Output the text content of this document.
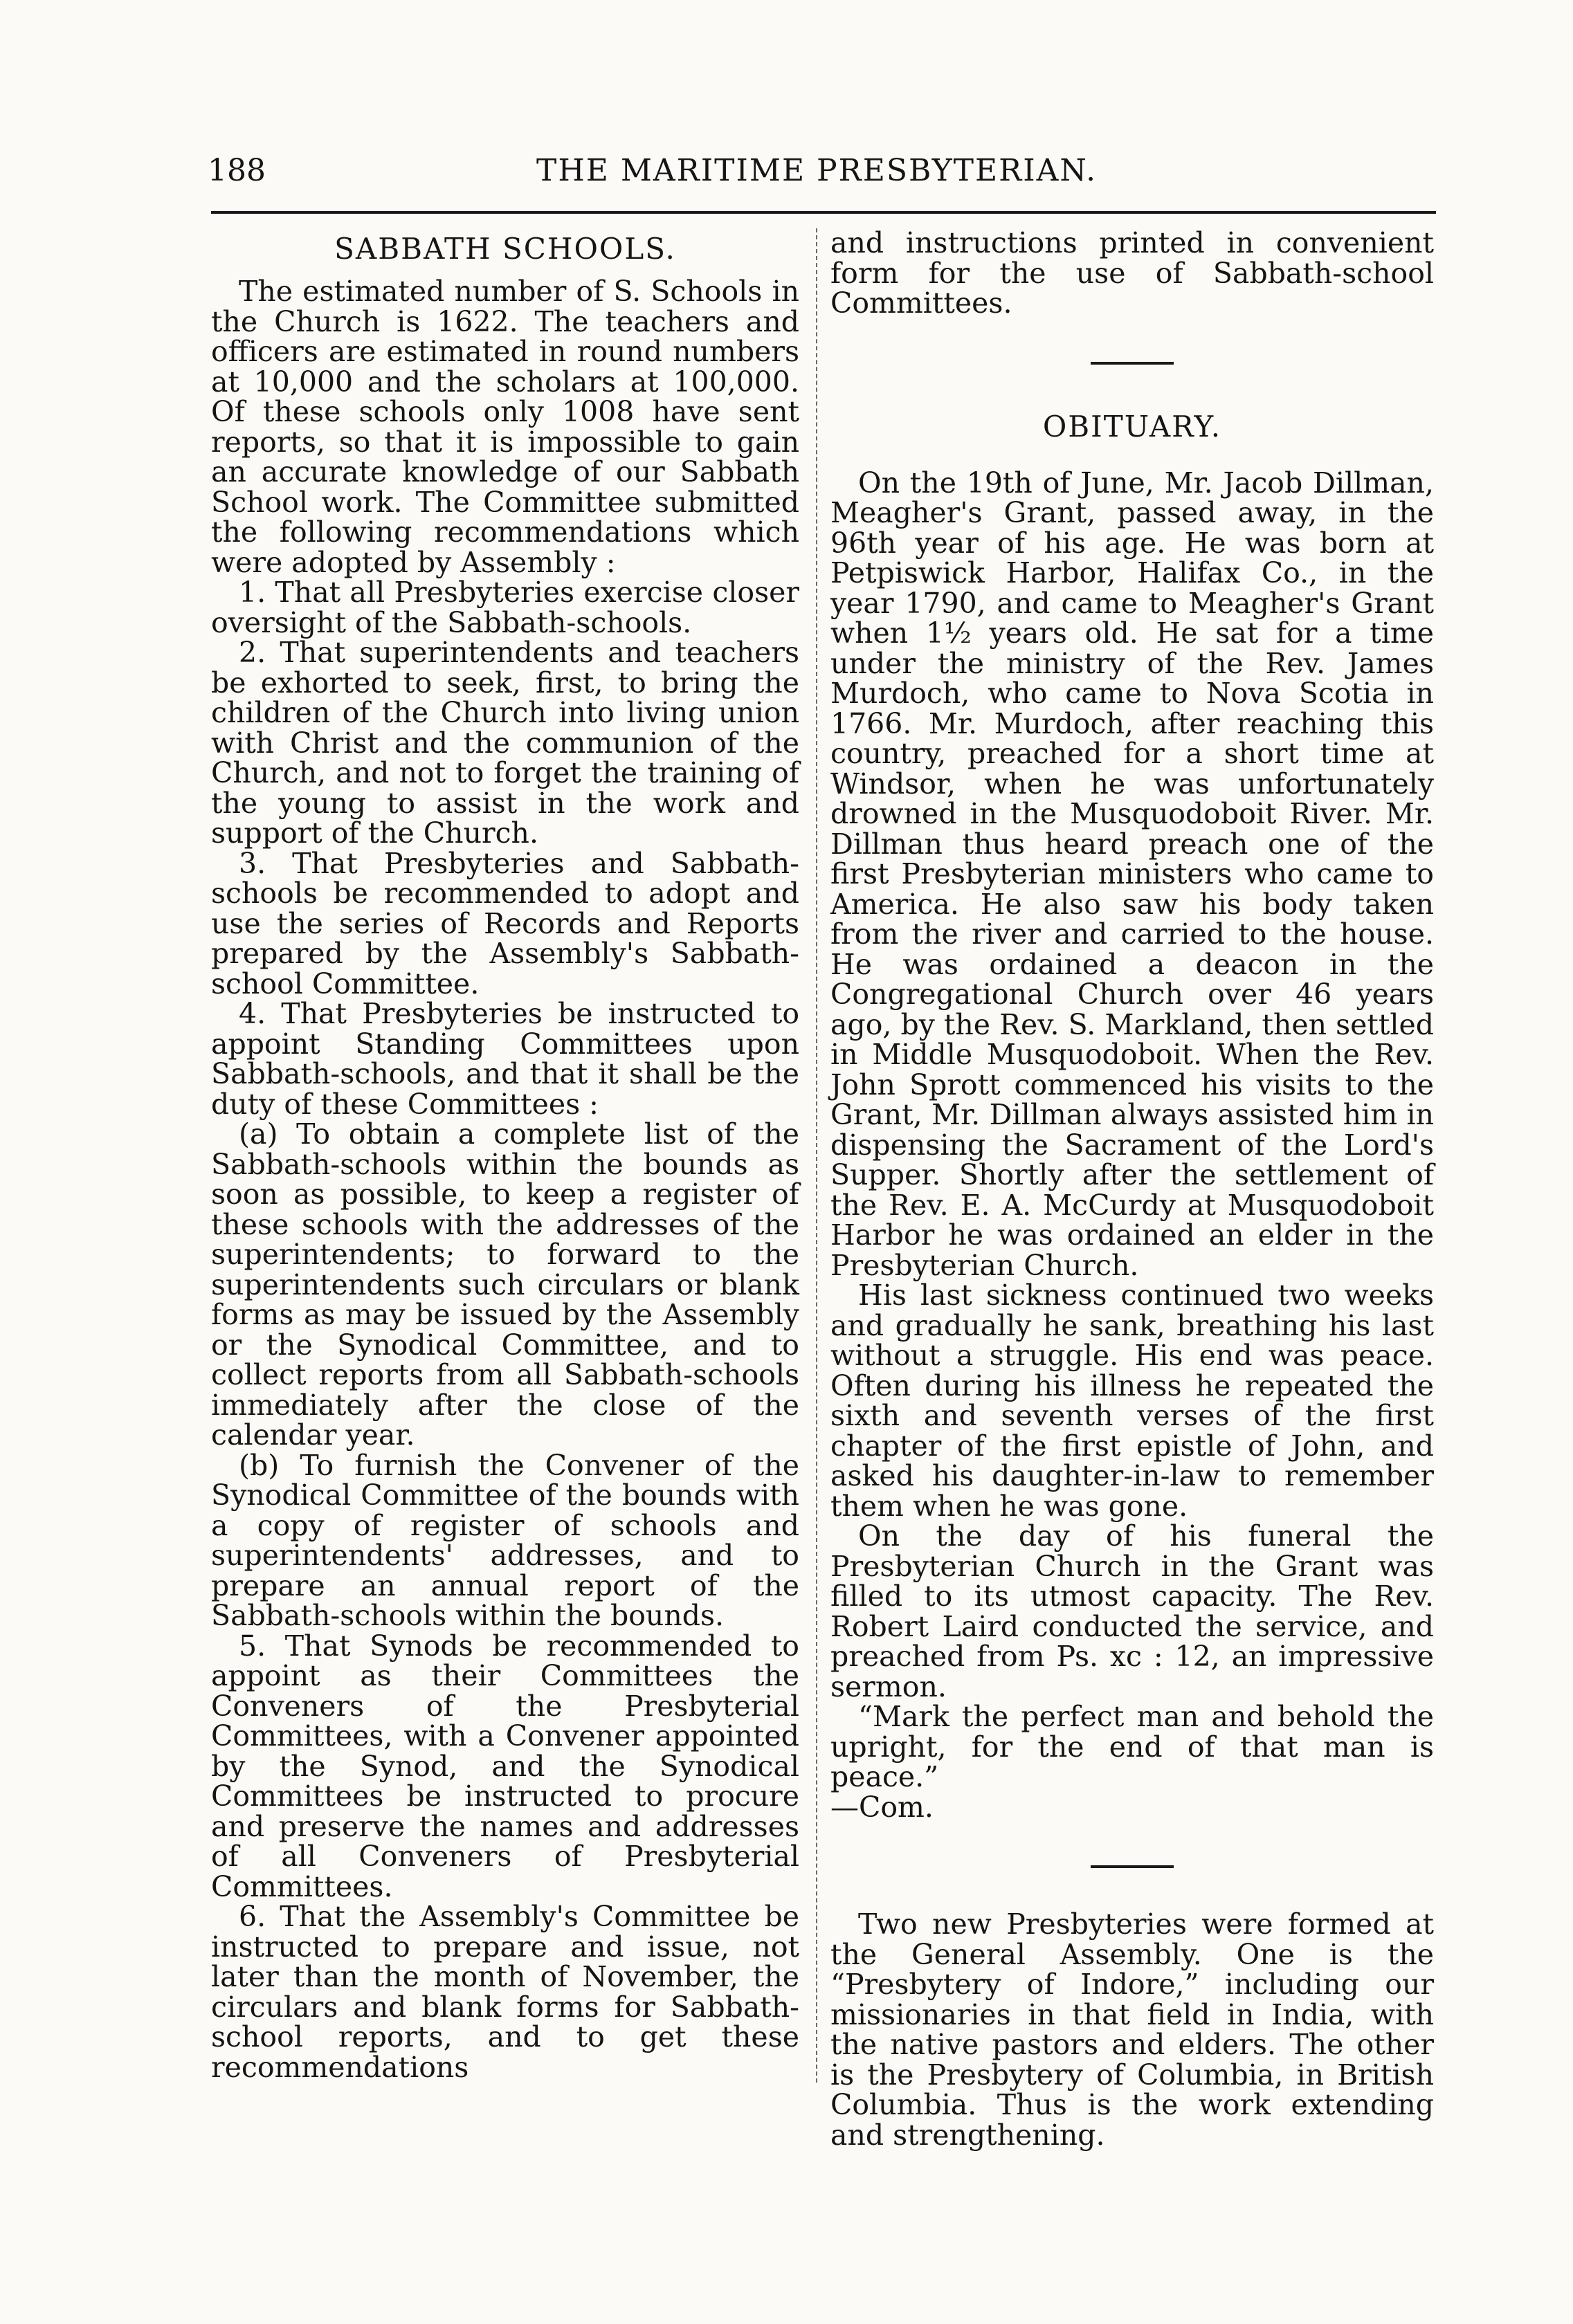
188	THE MARITIME PRESBYTERIAN.
SABBATH SCHOOLS.

The estimated number of S. Schools in the Church is 1622. The teachers and officers are estimated in round numbers at 10,000 and the scholars at 100,000. Of these schools only 1008 have sent reports, so that it is impossible to gain an accurate knowledge of our Sabbath School work. The Committee submitted the following recommendations which were adopted by Assembly :

1. That all Presbyteries exercise closer oversight of the Sabbath-schools.

2. That superintendents and teachers be exhorted to seek, first, to bring the children of the Church into living union with Christ and the communion of the Church, and not to forget the training of the young to assist in the work and support of the Church.

3. That Presbyteries and Sabbath-schools be recommended to adopt and use the series of Records and Reports prepared by the Assembly's Sabbath-school Committee.

4. That Presbyteries be instructed to appoint Standing Committees upon Sabbath-schools, and that it shall be the duty of these Committees :

(a) To obtain a complete list of the Sabbath-schools within the bounds as soon as possible, to keep a register of these schools with the addresses of the superintendents; to forward to the superintendents such circulars or blank forms as may be issued by the Assembly or the Synodical Committee, and to collect reports from all Sabbath-schools immediately after the close of the calendar year.

(b) To furnish the Convener of the Synodical Committee of the bounds with a copy of register of schools and superintendents' addresses, and to prepare an annual report of the Sabbath-schools within the bounds.

5. That Synods be recommended to appoint as their Committees the Conveners of the Presbyterial Committees, with a Convener appointed by the Synod, and the Synodical Committees be instructed to procure and preserve the names and addresses of all Conveners of Presbyterial Committees.

6. That the Assembly's Committee be instructed to prepare and issue, not later than the month of November, the circulars and blank forms for Sabbath-school reports, and to get these recommendations

and instructions printed in convenient form for the use of Sabbath-school Committees.

OBITUARY.

On the 19th of June, Mr. Jacob Dillman, Meagher's Grant, passed away, in the 96th year of his age. He was born at Petpiswick Harbor, Halifax Co., in the year 1790, and came to Meagher's Grant when 1½ years old. He sat for a time under the ministry of the Rev. James Murdoch, who came to Nova Scotia in 1766. Mr. Murdoch, after reaching this country, preached for a short time at Windsor, when he was unfortunately drowned in the Musquodoboit River. Mr. Dillman thus heard preach one of the first Presbyterian ministers who came to America. He also saw his body taken from the river and carried to the house. He was ordained a deacon in the Congregational Church over 46 years ago, by the Rev. S. Markland, then settled in Middle Musquodoboit. When the Rev. John Sprott commenced his visits to the Grant, Mr. Dillman always assisted him in dispensing the Sacrament of the Lord's Supper. Shortly after the settlement of the Rev. E. A. McCurdy at Musquodoboit Harbor he was ordained an elder in the Presbyterian Church.

His last sickness continued two weeks and gradually he sank, breathing his last without a struggle. His end was peace. Often during his illness he repeated the sixth and seventh verses of the first chapter of the first epistle of John, and asked his daughter-in-law to remember them when he was gone.

On the day of his funeral the Presbyterian Church in the Grant was filled to its utmost capacity. The Rev. Robert Laird conducted the service, and preached from Ps. xc : 12, an impressive sermon.

“Mark the perfect man and behold the upright, for the end of that man is peace.”

—Com.

Two new Presbyteries were formed at the General Assembly. One is the “Presbytery of Indore,” including our missionaries in that field in India, with the native pastors and elders. The other is the Presbytery of Columbia, in British Columbia. Thus is the work extending and strengthening.
